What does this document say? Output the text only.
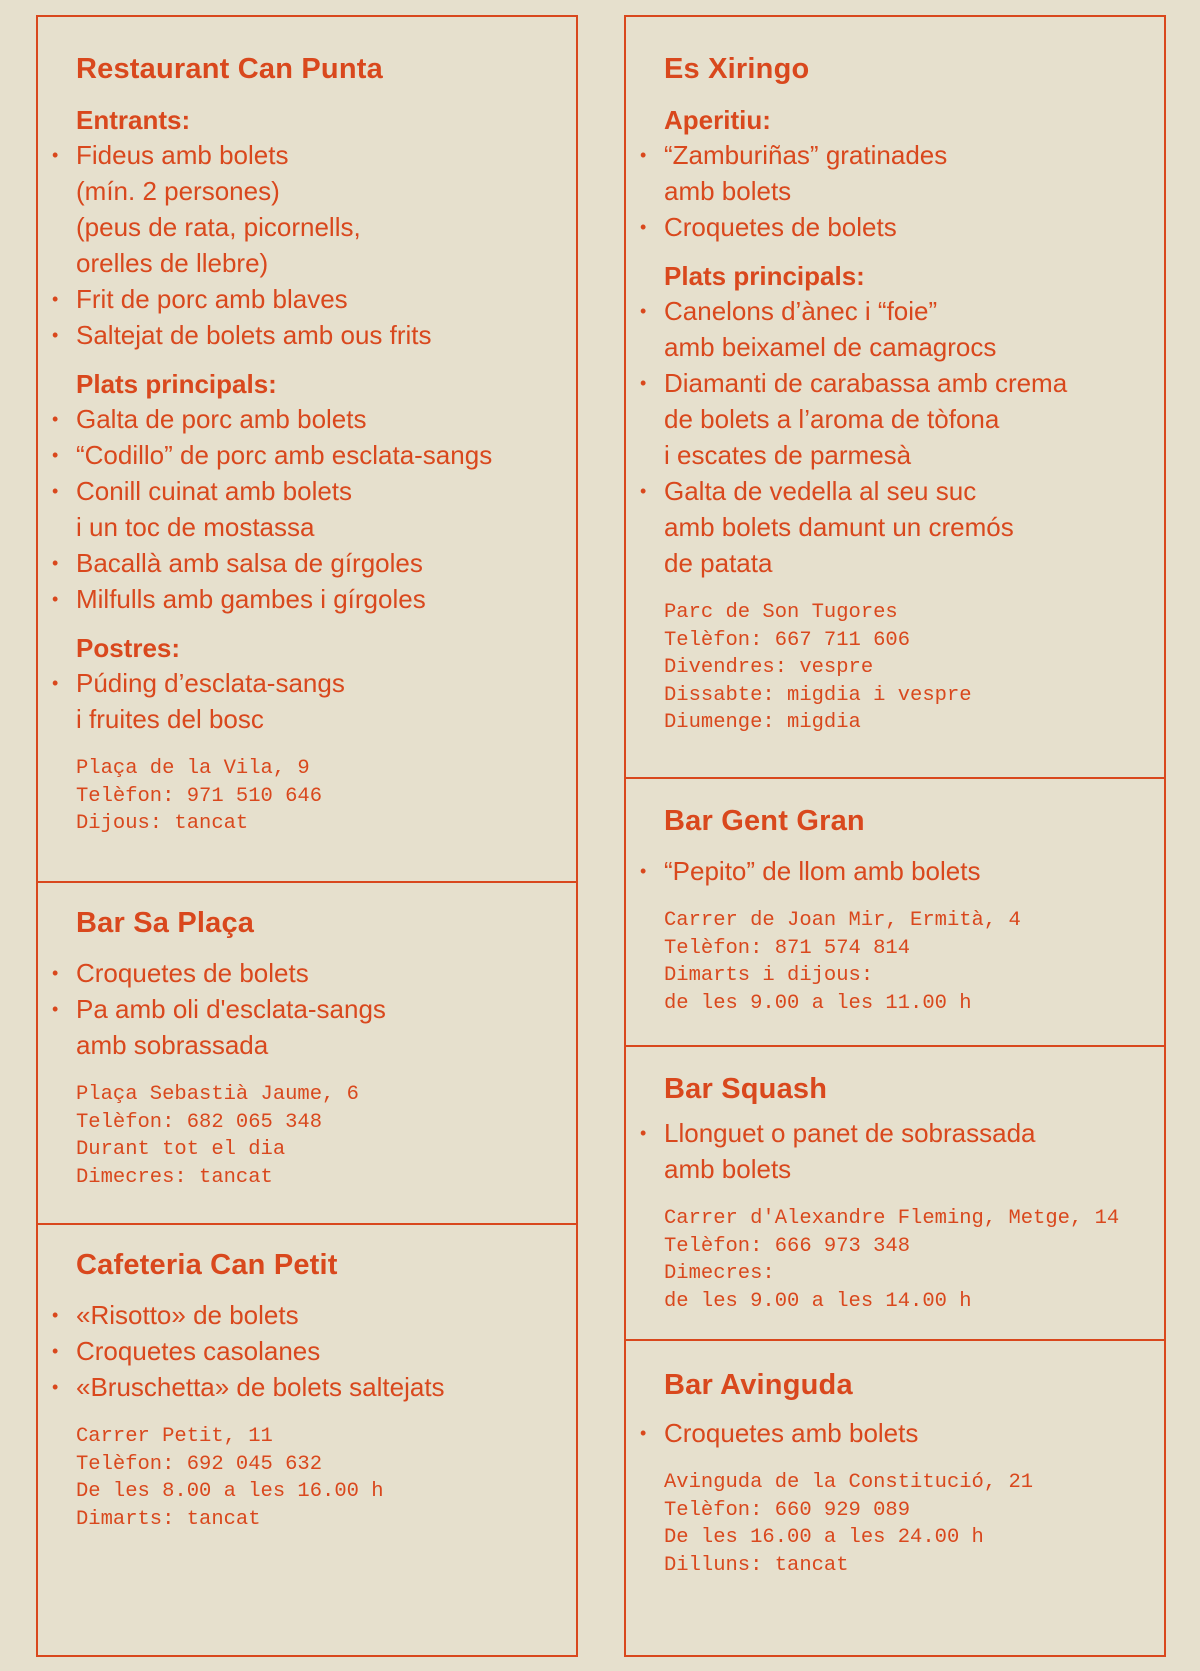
Restaurant Can Punta

Entrants:

• Fideus amb bolets
(mín. 2 persones)
(peus de rata, picornells,
orelles de llebre)
• Frit de porc amb blaves
• Saltejat de bolets amb ous frits

Plats principals:

• Galta de porc amb bolets
• “Codillo” de porc amb esclata-sangs
• Conill cuinat amb bolets
i un toc de mostassa
• Bacallà amb salsa de gírgoles
• Milfulls amb gambes i gírgoles

Postres:

• Púding d’esclata-sangs
i fruites del bosc
Plaça de la Vila, 9
Telèfon: 971 510 646
Dijous: tancat
Bar Sa Plaça
• Croquetes de bolets
• Pa amb oli d'esclata-sangs
amb sobrassada
Plaça Sebastià Jaume, 6
Telèfon: 682 065 348
Durant tot el dia
Dimecres: tancat
Cafeteria Can Petit
• «Risotto» de bolets
• Croquetes casolanes
• «Bruschetta» de bolets saltejats
Carrer Petit, 11
Telèfon: 692 045 632
De les 8.00 a les 16.00 h
Dimarts: tancat
Es Xiringo

Aperitiu:

• “Zamburiñas” gratinades
amb bolets
• Croquetes de bolets

Plats principals:

• Canelons d’ànec i “foie”
amb beixamel de camagrocs
• Diamanti de carabassa amb crema
de bolets a l’aroma de tòfona
i escates de parmesà
• Galta de vedella al seu suc
amb bolets damunt un cremós
de patata
Parc de Son Tugores
Telèfon: 667 711 606
Divendres: vespre
Dissabte: migdia i vespre
Diumenge: migdia
Bar Gent Gran
• “Pepito” de llom amb bolets
Carrer de Joan Mir, Ermità, 4
Telèfon: 871 574 814
Dimarts i dijous:
de les 9.00 a les 11.00 h
Bar Squash
• Llonguet o panet de sobrassada
amb bolets
Carrer d'Alexandre Fleming, Metge, 14
Telèfon: 666 973 348
Dimecres:
de les 9.00 a les 14.00 h
Bar Avinguda
• Croquetes amb bolets
Avinguda de la Constitució, 21
Telèfon: 660 929 089
De les 16.00 a les 24.00 h
Dilluns: tancat
